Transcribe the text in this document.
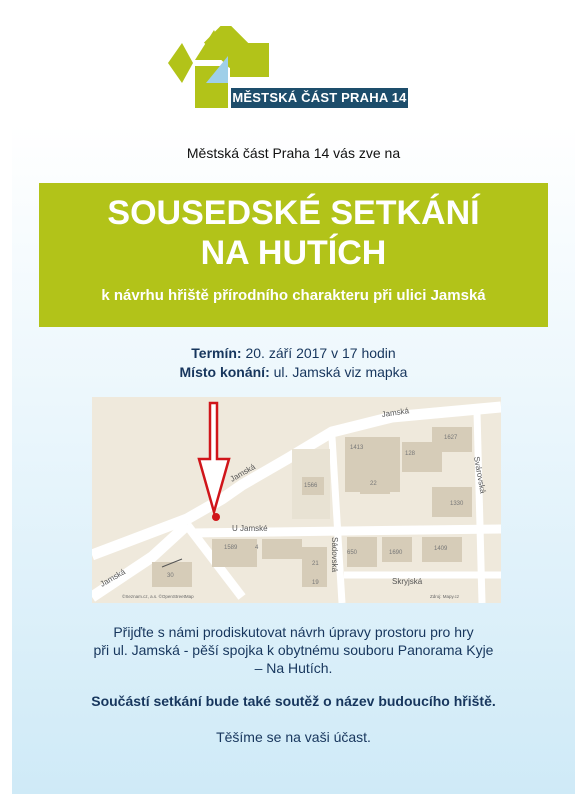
MĚSTSKÁ ČÁST PRAHA 14
Městská část Praha 14 vás zve na
SOUSEDSKÉ SETKÁNÍ
NA HUTÍCH
k návrhu hřiště přírodního charakteru při ulici Jamská
Termín: 20. září 2017 v 17 hodin
Místo konání: ul. Jamská viz mapka
Jamská
Jamská
U Jamské
Jamská
Sádovská
Svárovská
Skryjská
1413
128
1627
22
1566
1330
1589	4
21
19
650	1690
1409
30
©Seznam.cz, a.s. ©OpenStreetMap	Zdroj: Mapy.cz
Přijďte s námi prodiskutovat návrh úpravy prostoru pro hry
při ul. Jamská - pěší spojka k obytnému souboru Panorama Kyje
– Na Hutích.
Součástí setkání bude také soutěž o název budoucího hřiště.
Těšíme se na vaši účast.
